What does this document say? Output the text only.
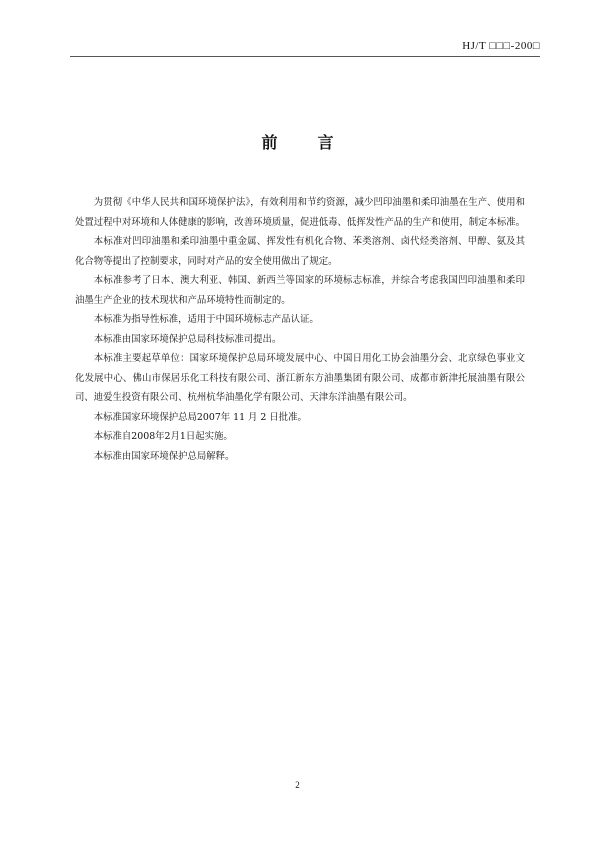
HJ/T □□□-200□
前	言

为贯彻《中华人民共和国环境保护法》，有效利用和节约资源，减少凹印油墨和柔印油墨在生产、使用和处置过程中对环境和人体健康的影响，改善环境质量，促进低毒、低挥发性产品的生产和使用，制定本标准。

本标准对凹印油墨和柔印油墨中重金属、挥发性有机化合物、苯类溶剂、卤代烃类溶剂、甲醇、氨及其化合物等提出了控制要求，同时对产品的安全使用做出了规定。

本标准参考了日本、澳大利亚、韩国、新西兰等国家的环境标志标准，并综合考虑我国凹印油墨和柔印油墨生产企业的技术现状和产品环境特性而制定的。

本标准为指导性标准，适用于中国环境标志产品认证。

本标准由国家环境保护总局科技标准司提出。

本标准主要起草单位：国家环境保护总局环境发展中心、中国日用化工协会油墨分会、北京绿色事业文化发展中心、佛山市保居乐化工科技有限公司、浙江新东方油墨集团有限公司、成都市新津托展油墨有限公司、迪爱生投资有限公司、杭州杭华油墨化学有限公司、天津东洋油墨有限公司。

本标准国家环境保护总局2007年 11 月 2 日批准。

本标准自2008年2月1日起实施。

本标准由国家环境保护总局解释。

2
